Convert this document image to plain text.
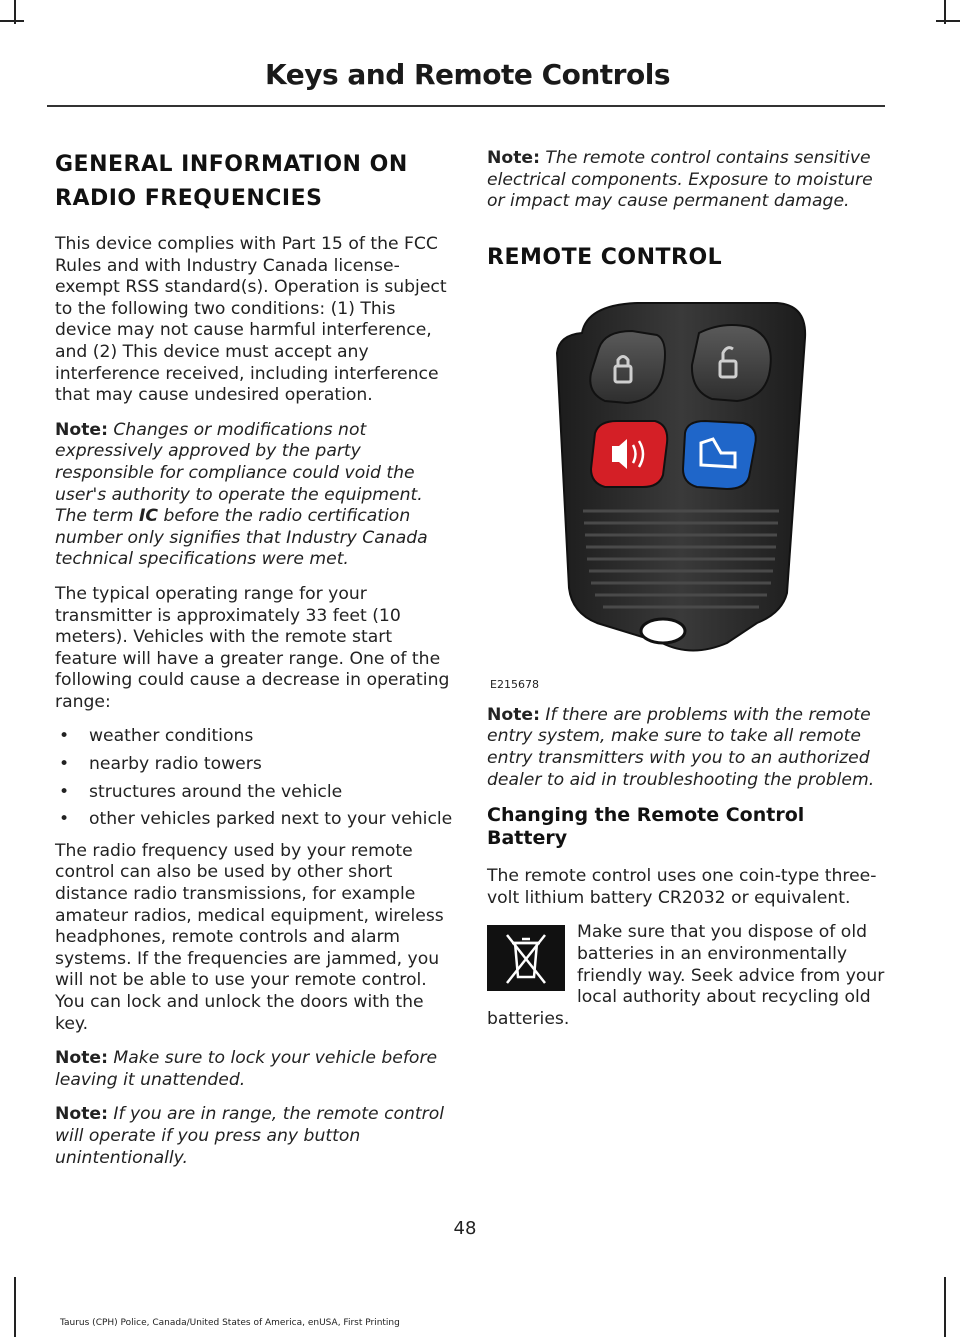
Keys and Remote Controls
GENERAL INFORMATION ON RADIO FREQUENCIES

This device complies with Part 15 of the FCC Rules and with Industry Canada license-exempt RSS standard(s). Operation is subject to the following two conditions: (1) This device may not cause harmful interference, and (2) This device must accept any interference received, including interference that may cause undesired operation.

Note: Changes or modifications not expressively approved by the party responsible for compliance could void the user's authority to operate the equipment. The term IC before the radio certification number only signifies that Industry Canada technical specifications were met.

The typical operating range for your transmitter is approximately 33 feet (10 meters). Vehicles with the remote start feature will have a greater range. One of the following could cause a decrease in operating range:

• weather conditions
• nearby radio towers
• structures around the vehicle
• other vehicles parked next to your vehicle

The radio frequency used by your remote control can also be used by other short distance radio transmissions, for example amateur radios, medical equipment, wireless headphones, remote controls and alarm systems. If the frequencies are jammed, you will not be able to use your remote control. You can lock and unlock the doors with the key.

Note: Make sure to lock your vehicle before leaving it unattended.

Note: If you are in range, the remote control will operate if you press any button unintentionally.

Note: The remote control contains sensitive electrical components. Exposure to moisture or impact may cause permanent damage.

REMOTE CONTROL
E215678

Note: If there are problems with the remote entry system, make sure to take all remote entry transmitters with you to an authorized dealer to aid in troubleshooting the problem.

Changing the Remote Control Battery

The remote control uses one coin-type three-volt lithium battery CR2032 or equivalent.

Make sure that you dispose of old batteries in an environmentally friendly way. Seek advice from your local authority about recycling old batteries.

48
Taurus (CPH) Police, Canada/United States of America, enUSA, First Printing
